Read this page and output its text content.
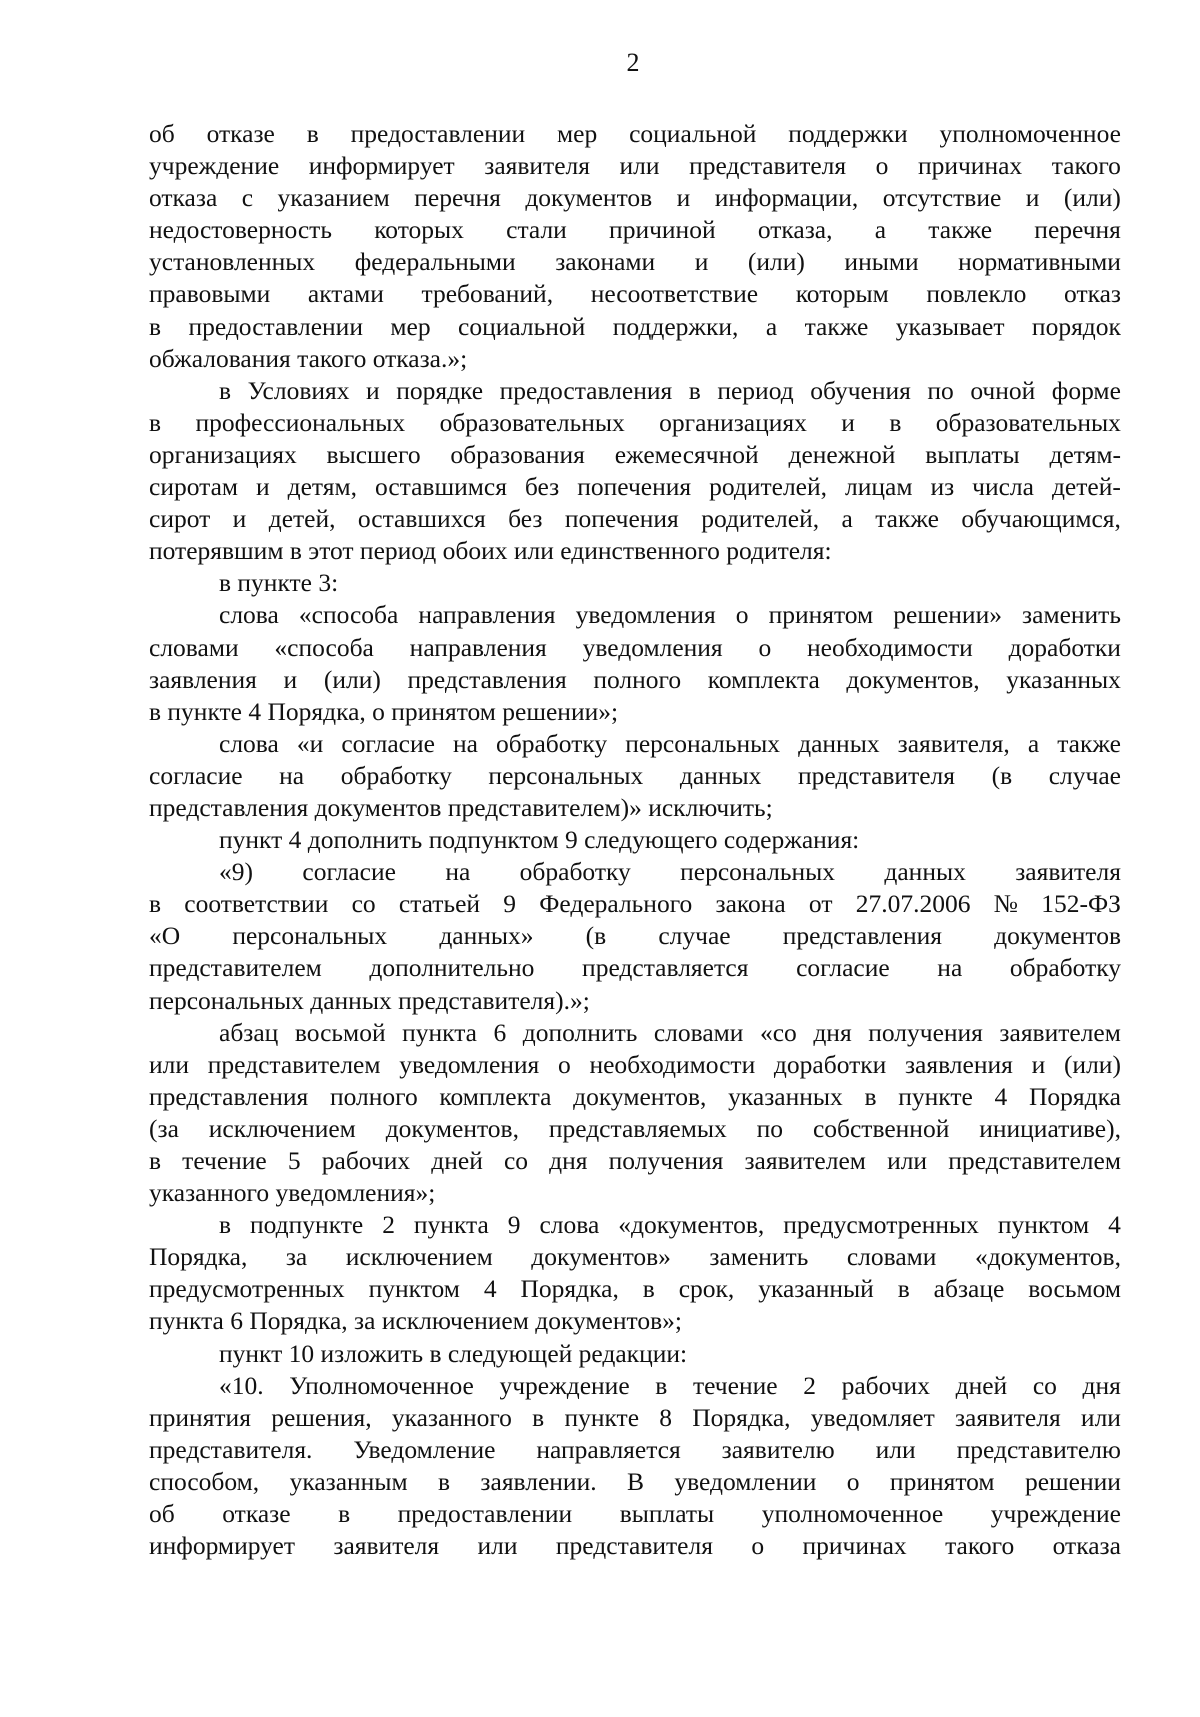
2
об отказе в предоставлении мер социальной поддержки уполномоченное
учреждение информирует заявителя или представителя о причинах такого
отказа с указанием перечня документов и информации, отсутствие и (или)
недостоверность которых стали причиной отказа, а также перечня
установленных федеральными законами и (или) иными нормативными
правовыми актами требований, несоответствие которым повлекло отказ
в предоставлении мер социальной поддержки, а также указывает порядок
обжалования такого отказа.»;
в Условиях и порядке предоставления в период обучения по очной форме
в профессиональных образовательных организациях и в образовательных
организациях высшего образования ежемесячной денежной выплаты детям-
сиротам и детям, оставшимся без попечения родителей, лицам из числа детей-
сирот и детей, оставшихся без попечения родителей, а также обучающимся,
потерявшим в этот период обоих или единственного родителя:
в пункте 3:
слова «способа направления уведомления о принятом решении» заменить
словами «способа направления уведомления о необходимости доработки
заявления и (или) представления полного комплекта документов, указанных
в пункте 4 Порядка, о принятом решении»;
слова «и согласие на обработку персональных данных заявителя, а также
согласие на обработку персональных данных представителя (в случае
представления документов представителем)» исключить;
пункт 4 дополнить подпунктом 9 следующего содержания:
«9) согласие на обработку персональных данных заявителя
в соответствии со статьей 9 Федерального закона от 27.07.2006 № 152-ФЗ
«О персональных данных» (в случае представления документов
представителем дополнительно представляется согласие на обработку
персональных данных представителя).»;
абзац восьмой пункта 6 дополнить словами «со дня получения заявителем
или представителем уведомления о необходимости доработки заявления и (или)
представления полного комплекта документов, указанных в пункте 4 Порядка
(за исключением документов, представляемых по собственной инициативе),
в течение 5 рабочих дней со дня получения заявителем или представителем
указанного уведомления»;
в подпункте 2 пункта 9 слова «документов, предусмотренных пунктом 4
Порядка, за исключением документов» заменить словами «документов,
предусмотренных пунктом 4 Порядка, в срок, указанный в абзаце восьмом
пункта 6 Порядка, за исключением документов»;
пункт 10 изложить в следующей редакции:
«10. Уполномоченное учреждение в течение 2 рабочих дней со дня
принятия решения, указанного в пункте 8 Порядка, уведомляет заявителя или
представителя. Уведомление направляется заявителю или представителю
способом, указанным в заявлении. В уведомлении о принятом решении
об отказе в предоставлении выплаты уполномоченное учреждение
информирует заявителя или представителя о причинах такого отказа
